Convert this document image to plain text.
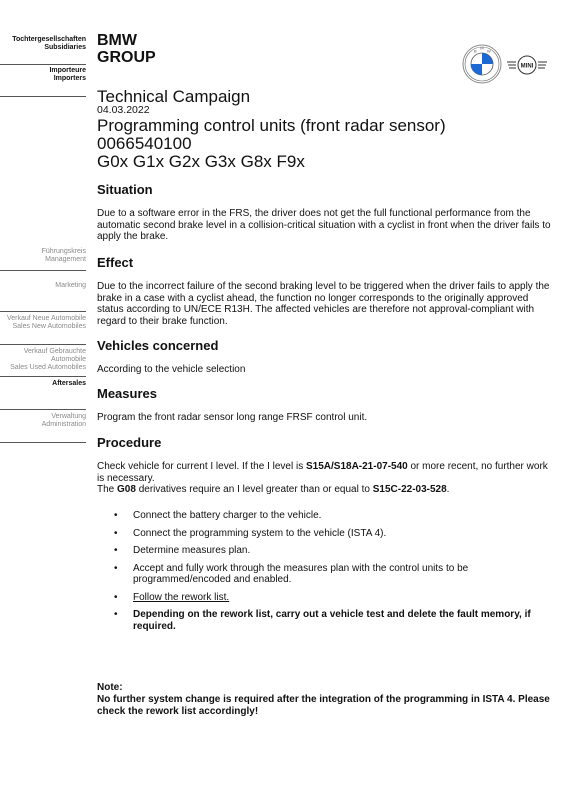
Tochtergesellschaften
Subsidiaries
Importeure
Importers
Führungskreis
Management
Marketing
Verkauf Neue Automobile
Sales New Automobiles
Verkauf Gebrauchte
Automobile
Sales Used Automobiles
Aftersales
Verwaltung
Administration
BMW
GROUP	B
M
W
MINI
Technical Campaign
04.03.2022
Programming control units (front radar sensor)
0066540100
G0x G1x G2x G3x G8x F9x
Situation

Due to a software error in the FRS, the driver does not get the full functional performance from the automatic second brake level in a collision-critical situation with a cyclist in front when the driver fails to apply the brake.

Effect

Due to the incorrect failure of the second braking level to be triggered when the driver fails to apply the brake in a case with a cyclist ahead, the function no longer corresponds to the originally approved status according to UN/ECE R13H. The affected vehicles are therefore not approval-compliant with regard to their brake function.

Vehicles concerned

According to the vehicle selection

Measures

Program the front radar sensor long range FRSF control unit.

Procedure

Check vehicle for current I level. If the I level is S15A/S18A-21-07-540 or more recent, no further work is necessary.
The G08 derivatives require an I level greater than or equal to S15C-22-03-528.

• Connect the battery charger to the vehicle.
• Connect the programming system to the vehicle (ISTA 4).
• Determine measures plan.
• Accept and fully work through the measures plan with the control units to be programmed/encoded and enabled.
• Follow the rework list.
• Depending on the rework list, carry out a vehicle test and delete the fault memory, if required.
Note:
No further system change is required after the integration of the programming in ISTA 4. Please check the rework list accordingly!
